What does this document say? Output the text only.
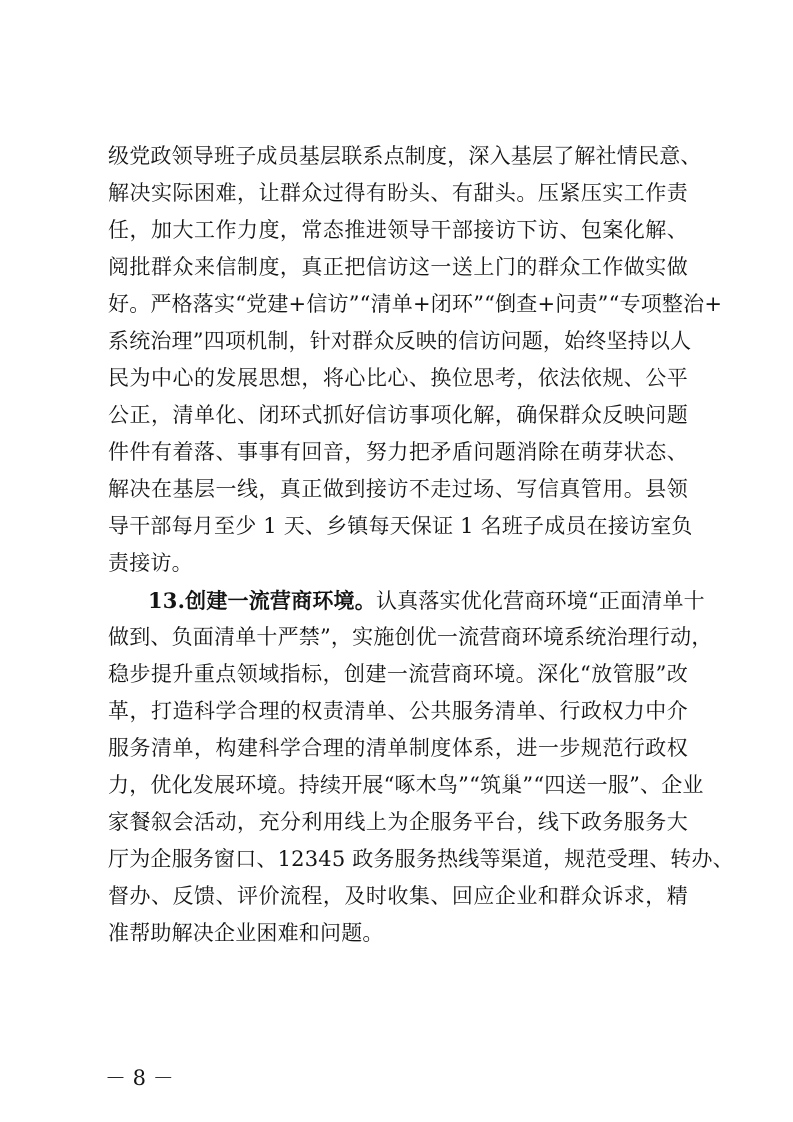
级党政领导班子成员基层联系点制度，深入基层了解社情民意、
解决实际困难，让群众过得有盼头、有甜头。压紧压实工作责
任，加大工作力度，常态推进领导干部接访下访、包案化解、
阅批群众来信制度，真正把信访这一送上门的群众工作做实做
好。严格落实“党建+信访”“清单+闭环”“倒查+问责”“专项整治+
系统治理”四项机制，针对群众反映的信访问题，始终坚持以人
民为中心的发展思想，将心比心、换位思考，依法依规、公平
公正，清单化、闭环式抓好信访事项化解，确保群众反映问题
件件有着落、事事有回音，努力把矛盾问题消除在萌芽状态、
解决在基层一线，真正做到接访不走过场、写信真管用。县领
导干部每月至少 1 天、乡镇每天保证 1 名班子成员在接访室负
责接访。
13.创建一流营商环境。认真落实优化营商环境“正面清单十
做到、负面清单十严禁”，实施创优一流营商环境系统治理行动，
稳步提升重点领域指标，创建一流营商环境。深化“放管服”改
革，打造科学合理的权责清单、公共服务清单、行政权力中介
服务清单，构建科学合理的清单制度体系，进一步规范行政权
力，优化发展环境。持续开展“啄木鸟”“筑巢”“四送一服”、企业
家餐叙会活动，充分利用线上为企服务平台，线下政务服务大
厅为企服务窗口、12345 政务服务热线等渠道，规范受理、转办、
督办、反馈、评价流程，及时收集、回应企业和群众诉求，精
准帮助解决企业困难和问题。
－ 8 －
